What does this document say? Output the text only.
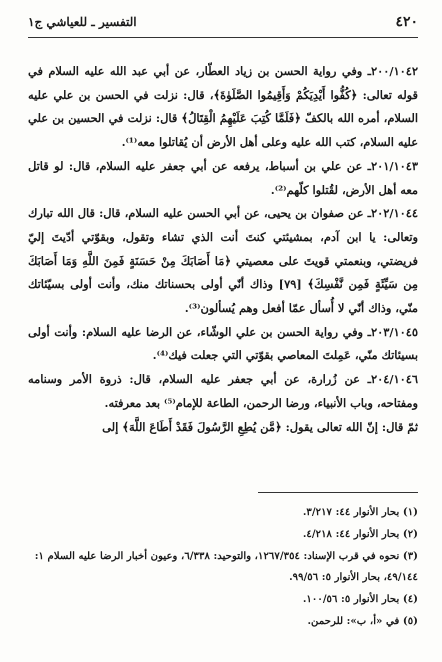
٤٢٠
التفسير ـ للعياشي ج١

٢٠٠/١٠٤٢ـ وفي رواية الحسن بن زياد العطّار، عن أبي عبد الله عليه السلام في قوله تعالى: ﴿كُفُّوا أَيْدِيَكُمْ وَأَقِيمُوا الصَّلَوٰةَ﴾، قال: نزلت في الحسن بن علي عليه السلام، أمره الله بالكفّ ﴿فَلَمَّا كُتِبَ عَلَيْهِمُ الْقِتَالُ﴾ قال: نزلت في الحسين بن علي عليه السلام، كتب الله عليه وعلى أهل الأرض أن يُقاتلوا معه⁽¹⁾.

٢٠١/١٠٤٣ـ عن علي بن أسباط، يرفعه عن أبي جعفر عليه السلام، قال: لو قاتل معه أهل الأرض، لقُتلوا كلّهم⁽²⁾.

٢٠٢/١٠٤٤ـ عن صفوان بن يحيى، عن أبي الحسن عليه السلام، قال: قال الله تبارك وتعالى: يا ابن آدم، بمشيئتي كنتَ أنت الذي تشاء وتقول، وبقوّتي أدّيتَ إليّ فريضتي، وبنعمتي قويتَ على معصيتي ﴿مَا أَصَابَكَ مِنْ حَسَنَةٍ فَمِنَ اللَّهِ وَمَا أَصَابَكَ مِن سَيِّئَةٍ فَمِن نَّفْسِكَ﴾ [٧٩] وذاك أنّي أولى بحسناتك منك، وأنت أولى بسيّئاتك منّي، وذاك أنّي لا أُسأل عمّا أفعل وهم يُسألون⁽³⁾.

٢٠٣/١٠٤٥ـ وفي رواية الحسن بن علي الوشّاء، عن الرضا عليه السلام: وأنت أولى بسيئاتك منّي، عَمِلتَ المعاصي بقوّتي التي جعلت فيك⁽⁴⁾.

٢٠٤/١٠٤٦ـ عن زُرارة، عن أبي جعفر عليه السلام، قال: ذروة الأمر وسنامه ومفتاحه، وباب الأنبياء، ورضا الرحمن، الطاعة للإمام⁽⁵⁾ بعد معرفته.

ثمّ قال: إنّ الله تعالى يقول: ﴿مَّن يُطِعِ الرَّسُولَ فَقَدْ أَطَاعَ اللَّهَ﴾ إلى

(١) بحار الأنوار ٤٤: ٣/٢١٧.

(٢) بحار الأنوار ٤٤: ٤/٢١٨.

(٣) نحوه في قرب الإسناد: ١٢٦٧/٣٥٤، والتوحيد: ٦/٣٣٨، وعيون أخبار الرضا عليه السلام ١: ٤٩/١٤٤، بحار الأنوار ٥: ٩٩/٥٦.

(٤) بحار الأنوار ٥: ١٠٠/٥٦.

(٥) في «أ، ب»: للرحمن.
